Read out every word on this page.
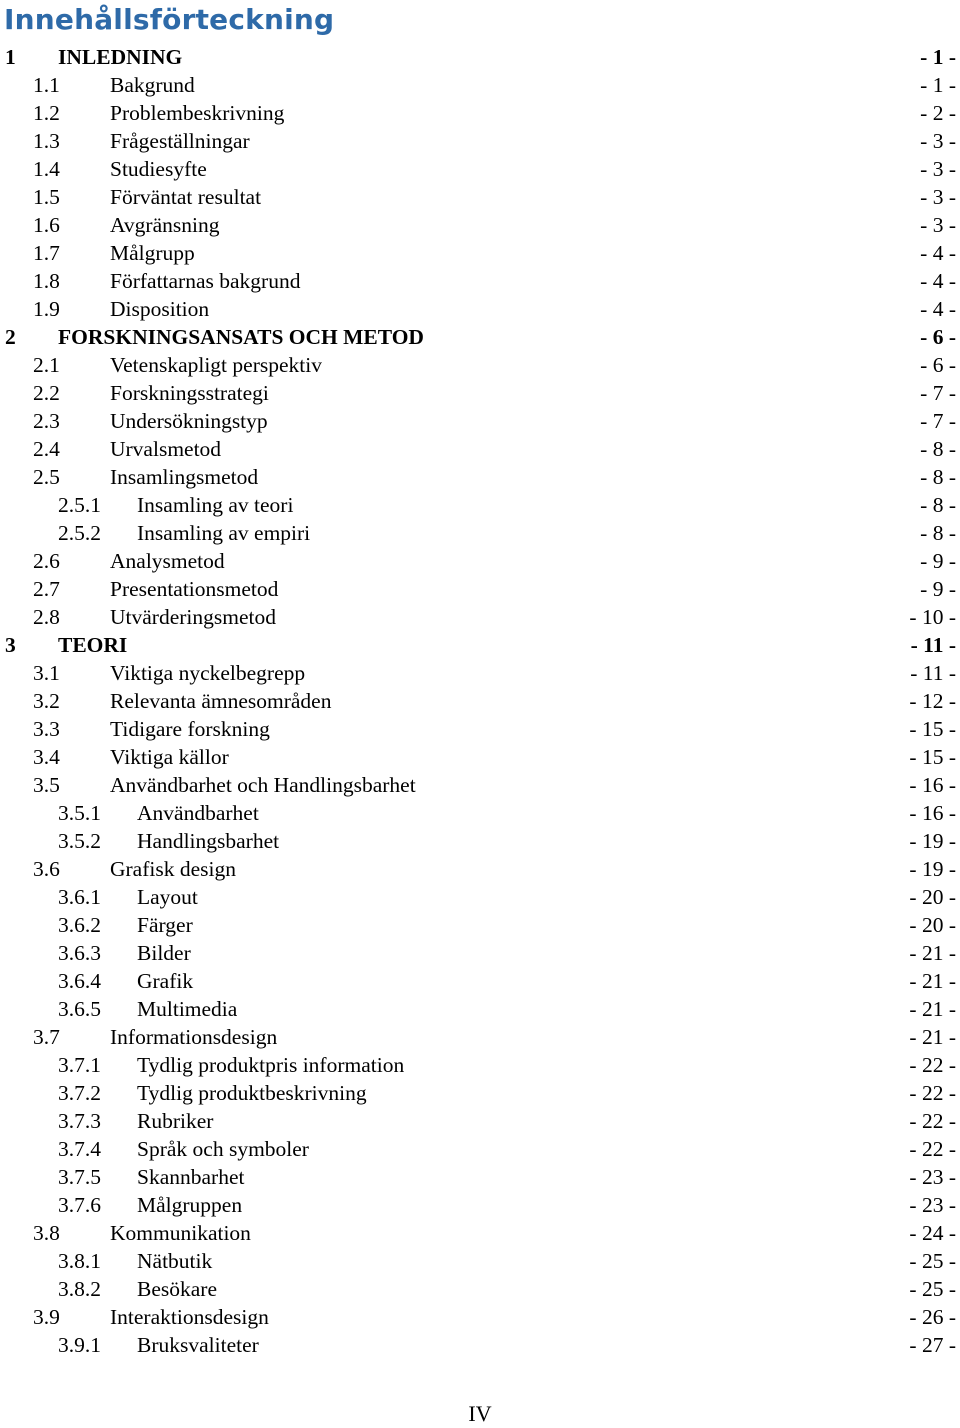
Innehållsförteckning
1 INLEDNING	- 1 -
1.1 Bakgrund	- 1 -
1.2 Problembeskrivning	- 2 -
1.3 Frågeställningar	- 3 -
1.4 Studiesyfte	- 3 -
1.5 Förväntat resultat	- 3 -
1.6 Avgränsning	- 3 -
1.7 Målgrupp	- 4 -
1.8 Författarnas bakgrund	- 4 -
1.9 Disposition	- 4 -
2 FORSKNINGSANSATS OCH METOD	- 6 -
2.1 Vetenskapligt perspektiv	- 6 -
2.2 Forskningsstrategi	- 7 -
2.3 Undersökningstyp	- 7 -
2.4 Urvalsmetod	- 8 -
2.5 Insamlingsmetod	- 8 -
2.5.1 Insamling av teori	- 8 -
2.5.2 Insamling av empiri	- 8 -
2.6 Analysmetod	- 9 -
2.7 Presentationsmetod	- 9 -
2.8 Utvärderingsmetod	- 10 -
3 TEORI	- 11 -
3.1 Viktiga nyckelbegrepp	- 11 -
3.2 Relevanta ämnesområden	- 12 -
3.3 Tidigare forskning	- 15 -
3.4 Viktiga källor	- 15 -
3.5 Användbarhet och Handlingsbarhet	- 16 -
3.5.1 Användbarhet	- 16 -
3.5.2 Handlingsbarhet	- 19 -
3.6 Grafisk design	- 19 -
3.6.1 Layout	- 20 -
3.6.2 Färger	- 20 -
3.6.3 Bilder	- 21 -
3.6.4 Grafik	- 21 -
3.6.5 Multimedia	- 21 -
3.7 Informationsdesign	- 21 -
3.7.1 Tydlig produktpris information	- 22 -
3.7.2 Tydlig produktbeskrivning	- 22 -
3.7.3 Rubriker	- 22 -
3.7.4 Språk och symboler	- 22 -
3.7.5 Skannbarhet	- 23 -
3.7.6 Målgruppen	- 23 -
3.8 Kommunikation	- 24 -
3.8.1 Nätbutik	- 25 -
3.8.2 Besökare	- 25 -
3.9 Interaktionsdesign	- 26 -
3.9.1 Bruksvaliteter	- 27 -
IV
